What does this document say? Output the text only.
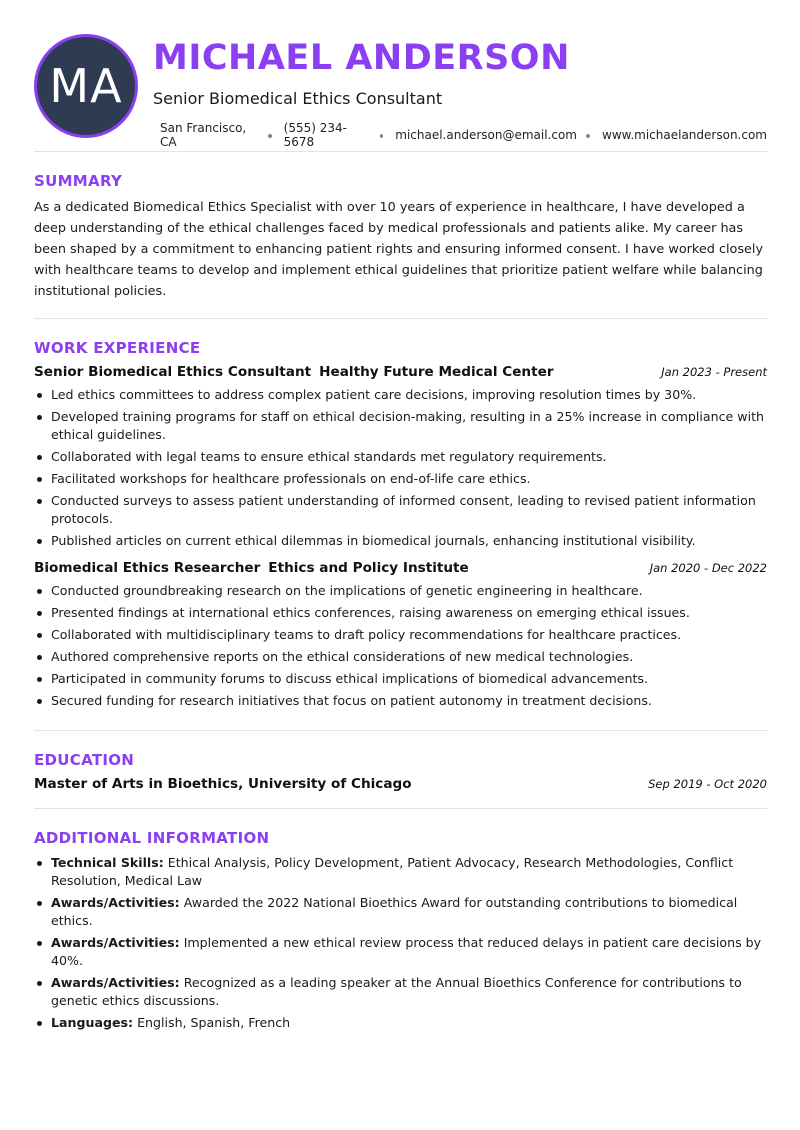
MA
MICHAEL ANDERSON
Senior Biomedical Ethics Consultant
San Francisco, CA
(555) 234-5678	michael.anderson@email.com www.michaelanderson.com
SUMMARY

As a dedicated Biomedical Ethics Specialist with over 10 years of experience in healthcare, I have developed a deep understanding of the ethical challenges faced by medical professionals and patients alike. My career has been shaped by a commitment to enhancing patient rights and ensuring informed consent. I have worked closely with healthcare teams to develop and implement ethical guidelines that prioritize patient welfare while balancing institutional policies.

WORK EXPERIENCE
Senior Biomedical Ethics Consultant Healthy Future Medical Center	Jan 2023 - Present
Led ethics committees to address complex patient care decisions, improving resolution times by 30%.
Developed training programs for staff on ethical decision-making, resulting in a 25% increase in compliance with ethical guidelines.
Collaborated with legal teams to ensure ethical standards met regulatory requirements.
Facilitated workshops for healthcare professionals on end-of-life care ethics.
Conducted surveys to assess patient understanding of informed consent, leading to revised patient information protocols.
Published articles on current ethical dilemmas in biomedical journals, enhancing institutional visibility.
Biomedical Ethics Researcher Ethics and Policy Institute	Jan 2020 - Dec 2022
Conducted groundbreaking research on the implications of genetic engineering in healthcare.
Presented findings at international ethics conferences, raising awareness on emerging ethical issues.
Collaborated with multidisciplinary teams to draft policy recommendations for healthcare practices.
Authored comprehensive reports on the ethical considerations of new medical technologies.
Participated in community forums to discuss ethical implications of biomedical advancements.
Secured funding for research initiatives that focus on patient autonomy in treatment decisions.
EDUCATION
Master of Arts in Bioethics, University of Chicago	Sep 2019 - Oct 2020
ADDITIONAL INFORMATION
Technical Skills: Ethical Analysis, Policy Development, Patient Advocacy, Research Methodologies, Conflict Resolution, Medical Law
Awards/Activities: Awarded the 2022 National Bioethics Award for outstanding contributions to biomedical ethics.
Awards/Activities: Implemented a new ethical review process that reduced delays in patient care decisions by 40%.
Awards/Activities: Recognized as a leading speaker at the Annual Bioethics Conference for contributions to genetic ethics discussions.
Languages: English, Spanish, French
